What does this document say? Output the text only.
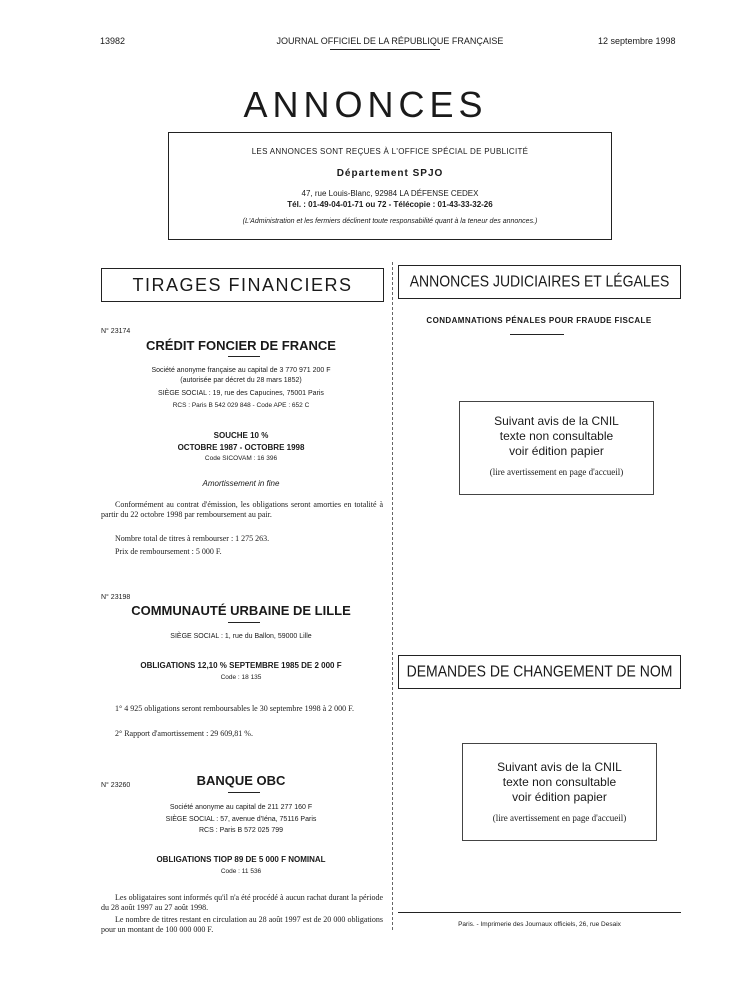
13982	JOURNAL OFFICIEL DE LA RÉPUBLIQUE FRANÇAISE	12 septembre 1998
ANNONCES
LES ANNONCES SONT REÇUES À L'OFFICE SPÉCIAL DE PUBLICITÉ
Département SPJO
47, rue Louis-Blanc, 92984 LA DÉFENSE CEDEX
Tél. : 01-49-04-01-71 ou 72 - Télécopie : 01-43-33-32-26
(L'Administration et les fermiers déclinent toute responsabilité quant à la teneur des annonces.)
TIRAGES FINANCIERS
N° 23174
CRÉDIT FONCIER DE FRANCE
Société anonyme française au capital de 3 770 971 200 F
(autorisée par décret du 28 mars 1852)
SIÈGE SOCIAL : 19, rue des Capucines, 75001 Paris
RCS : Paris B 542 029 848 - Code APE : 652 C
SOUCHE 10 %
OCTOBRE 1987 - OCTOBRE 1998
Code SICOVAM : 16 396
Amortissement in fine
Conformément au contrat d'émission, les obligations seront amorties en totalité à partir du 22 octobre 1998 par remboursement au pair.
Nombre total de titres à rembourser : 1 275 263.
Prix de remboursement : 5 000 F.
N° 23198
COMMUNAUTÉ URBAINE DE LILLE
SIÈGE SOCIAL : 1, rue du Ballon, 59000 Lille
OBLIGATIONS 12,10 % SEPTEMBRE 1985 DE 2 000 F
Code : 18 135
1° 4 925 obligations seront remboursables le 30 septembre 1998 à 2 000 F.
2° Rapport d'amortissement : 29 609,81 %.
N° 23260	BANQUE OBC
Société anonyme au capital de 211 277 160 F
SIÈGE SOCIAL : 57, avenue d'Iéna, 75116 Paris
RCS : Paris B 572 025 799
OBLIGATIONS TIOP 89 DE 5 000 F NOMINAL
Code : 11 536
Les obligataires sont informés qu'il n'a été procédé à aucun rachat durant la période du 28 août 1997 au 27 août 1998.
Le nombre de titres restant en circulation au 28 août 1997 est de 20 000 obligations pour un montant de 100 000 000 F.
ANNONCES JUDICIAIRES ET LÉGALES
CONDAMNATIONS PÉNALES POUR FRAUDE FISCALE
Suivant avis de la CNIL
texte non consultable
voir édition papier
(lire avertissement en page d'accueil)
DEMANDES DE CHANGEMENT DE NOM
Suivant avis de la CNIL
texte non consultable
voir édition papier
(lire avertissement en page d'accueil)
Paris. - Imprimerie des Journaux officiels, 26, rue Desaix
